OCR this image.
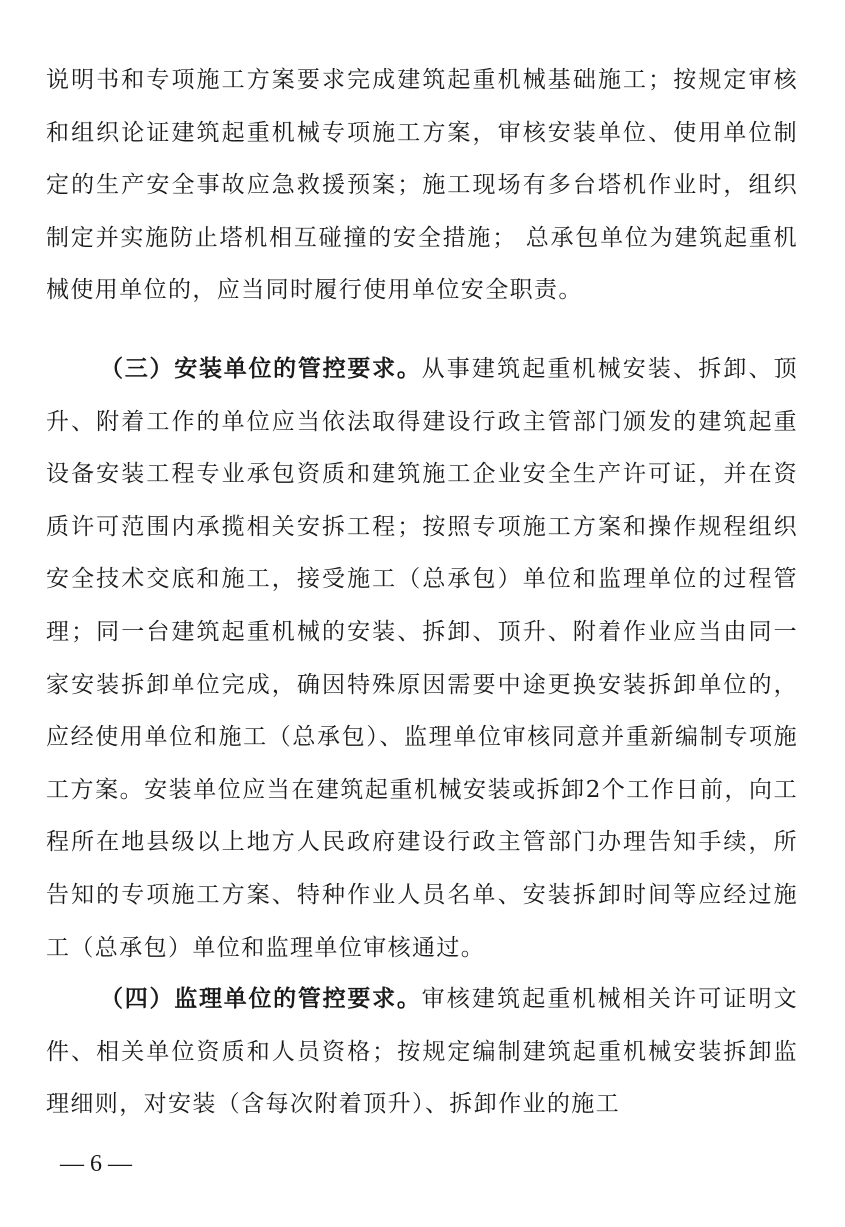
说明书和专项施工方案要求完成建筑起重机械基础施工；按规定审核和组织论证建筑起重机械专项施工方案，审核安装单位、使用单位制定的生产安全事故应急救援预案；施工现场有多台塔机作业时，组织制定并实施防止塔机相互碰撞的安全措施； 总承包单位为建筑起重机械使用单位的，应当同时履行使用单位安全职责。

（三）安装单位的管控要求。从事建筑起重机械安装、拆卸、顶升、附着工作的单位应当依法取得建设行政主管部门颁发的建筑起重设备安装工程专业承包资质和建筑施工企业安全生产许可证，并在资质许可范围内承揽相关安拆工程；按照专项施工方案和操作规程组织安全技术交底和施工，接受施工（总承包）单位和监理单位的过程管理；同一台建筑起重机械的安装、拆卸、顶升、附着作业应当由同一家安装拆卸单位完成，确因特殊原因需要中途更换安装拆卸单位的，应经使用单位和施工（总承包）、监理单位审核同意并重新编制专项施工方案。安装单位应当在建筑起重机械安装或拆卸2个工作日前，向工程所在地县级以上地方人民政府建设行政主管部门办理告知手续，所告知的专项施工方案、特种作业人员名单、安装拆卸时间等应经过施工（总承包）单位和监理单位审核通过。

（四）监理单位的管控要求。审核建筑起重机械相关许可证明文件、相关单位资质和人员资格；按规定编制建筑起重机械安装拆卸监理细则，对安装（含每次附着顶升）、拆卸作业的施工

— 6 —
